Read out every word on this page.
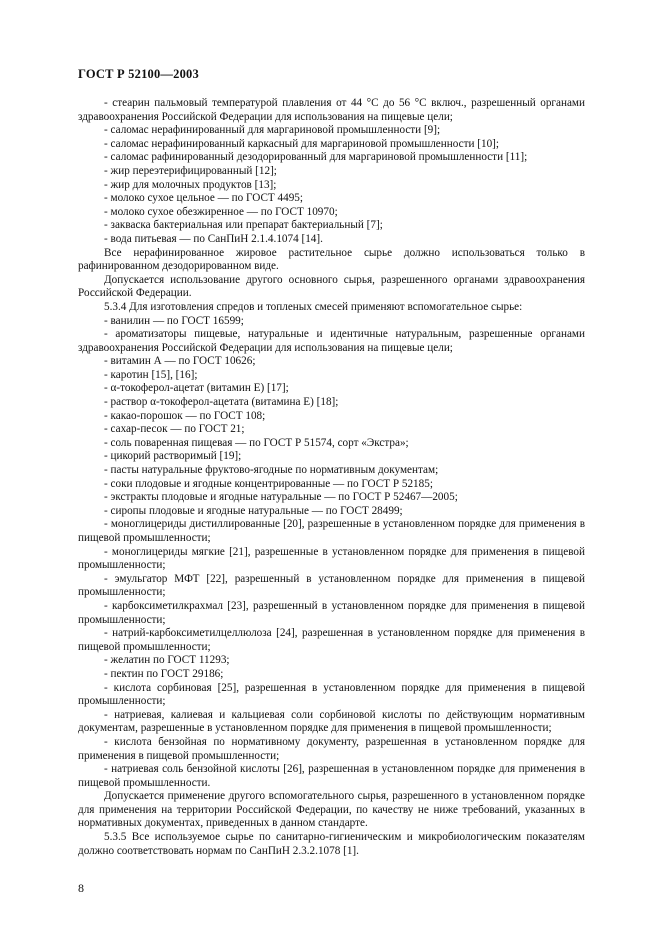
ГОСТ Р 52100—2003

- стеарин пальмовый температурой плавления от 44 °С до 56 °С включ., разрешенный органами здравоохранения Российской Федерации для использования на пищевые цели;

- саломас нерафинированный для маргариновой промышленности [9];

- саломас нерафинированный каркасный для маргариновой промышленности [10];

- саломас рафинированный дезодорированный для маргариновой промышленности [11];

- жир переэтерифицированный [12];

- жир для молочных продуктов [13];

- молоко сухое цельное — по ГОСТ 4495;

- молоко сухое обезжиренное — по ГОСТ 10970;

- закваска бактериальная или препарат бактериальный [7];

- вода питьевая — по СанПиН 2.1.4.1074 [14].

Все нерафинированное жировое растительное сырье должно использоваться только в рафинированном дезодорированном виде.

Допускается использование другого основного сырья, разрешенного органами здравоохранения Российской Федерации.

5.3.4 Для изготовления спредов и топленых смесей применяют вспомогательное сырье:

- ванилин — по ГОСТ 16599;

- ароматизаторы пищевые, натуральные и идентичные натуральным, разрешенные органами здравоохранения Российской Федерации для использования на пищевые цели;

- витамин А — по ГОСТ 10626;

- каротин [15], [16];

- α-токоферол-ацетат (витамин Е) [17];

- раствор α-токоферол-ацетата (витамина Е) [18];

- какао-порошок — по ГОСТ 108;

- сахар-песок — по ГОСТ 21;

- соль поваренная пищевая — по ГОСТ Р 51574, сорт «Экстра»;

- цикорий растворимый [19];

- пасты натуральные фруктово-ягодные по нормативным документам;

- соки плодовые и ягодные концентрированные — по ГОСТ Р 52185;

- экстракты плодовые и ягодные натуральные — по ГОСТ Р 52467—2005;

- сиропы плодовые и ягодные натуральные — по ГОСТ 28499;

- моноглицериды дистиллированные [20], разрешенные в установленном порядке для применения в пищевой промышленности;

- моноглицериды мягкие [21], разрешенные в установленном порядке для применения в пищевой промышленности;

- эмульгатор МФТ [22], разрешенный в установленном порядке для применения в пищевой промышленности;

- карбоксиметилкрахмал [23], разрешенный в установленном порядке для применения в пищевой промышленности;

- натрий-карбоксиметилцеллюлоза [24], разрешенная в установленном порядке для применения в пищевой промышленности;

- желатин по ГОСТ 11293;

- пектин по ГОСТ 29186;

- кислота сорбиновая [25], разрешенная в установленном порядке для применения в пищевой промышленности;

- натриевая, калиевая и кальциевая соли сорбиновой кислоты по действующим нормативным документам, разрешенные в установленном порядке для применения в пищевой промышленности;

- кислота бензойная по нормативному документу, разрешенная в установленном порядке для применения в пищевой промышленности;

- натриевая соль бензойной кислоты [26], разрешенная в установленном порядке для применения в пищевой промышленности.

Допускается применение другого вспомогательного сырья, разрешенного в установленном порядке для применения на территории Российской Федерации, по качеству не ниже требований, указанных в нормативных документах, приведенных в данном стандарте.

5.3.5 Все используемое сырье по санитарно-гигиеническим и микробиологическим показателям должно соответствовать нормам по СанПиН 2.3.2.1078 [1].

8
